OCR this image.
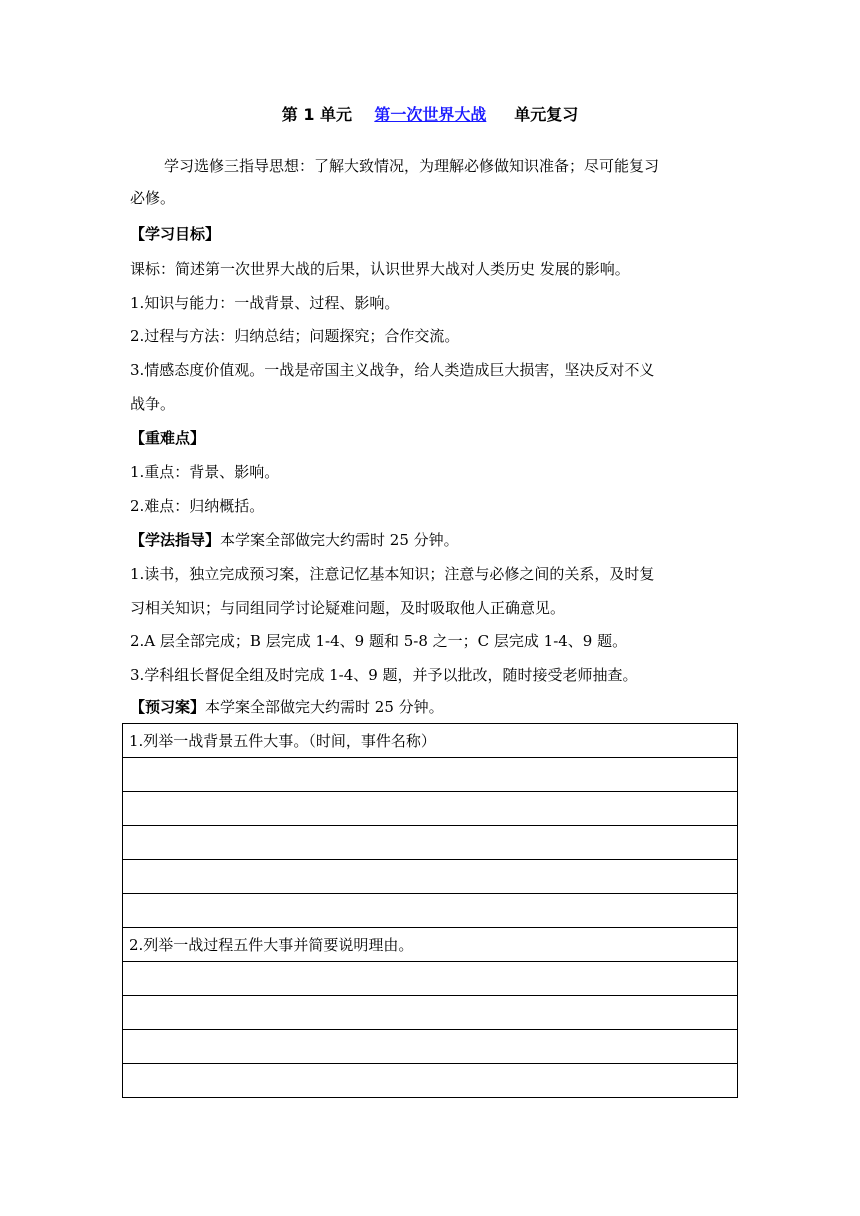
第 1 单元 第一次世界大战 单元复习
学习选修三指导思想：了解大致情况，为理解必修做知识准备；尽可能复习
必修。
【学习目标】
课标：简述第一次世界大战的后果，认识世界大战对人类历史 发展的影响。
1.知识与能力：一战背景、过程、影响。
2.过程与方法：归纳总结；问题探究；合作交流。
3.情感态度价值观。一战是帝国主义战争，给人类造成巨大损害，坚决反对不义
战争。
【重难点】
1.重点：背景、影响。
2.难点：归纳概括。
【学法指导】本学案全部做完大约需时 25 分钟。
1.读书，独立完成预习案，注意记忆基本知识；注意与必修之间的关系，及时复
习相关知识；与同组同学讨论疑难问题，及时吸取他人正确意见。
2.A 层全部完成；B 层完成 1-4、9 题和 5-8 之一；C 层完成 1-4、9 题。
3.学科组长督促全组及时完成 1-4、9 题，并予以批改，随时接受老师抽查。
【预习案】本学案全部做完大约需时 25 分钟。
1.列举一战背景五件大事。（时间，事件名称）

2.列举一战过程五件大事并简要说明理由。
